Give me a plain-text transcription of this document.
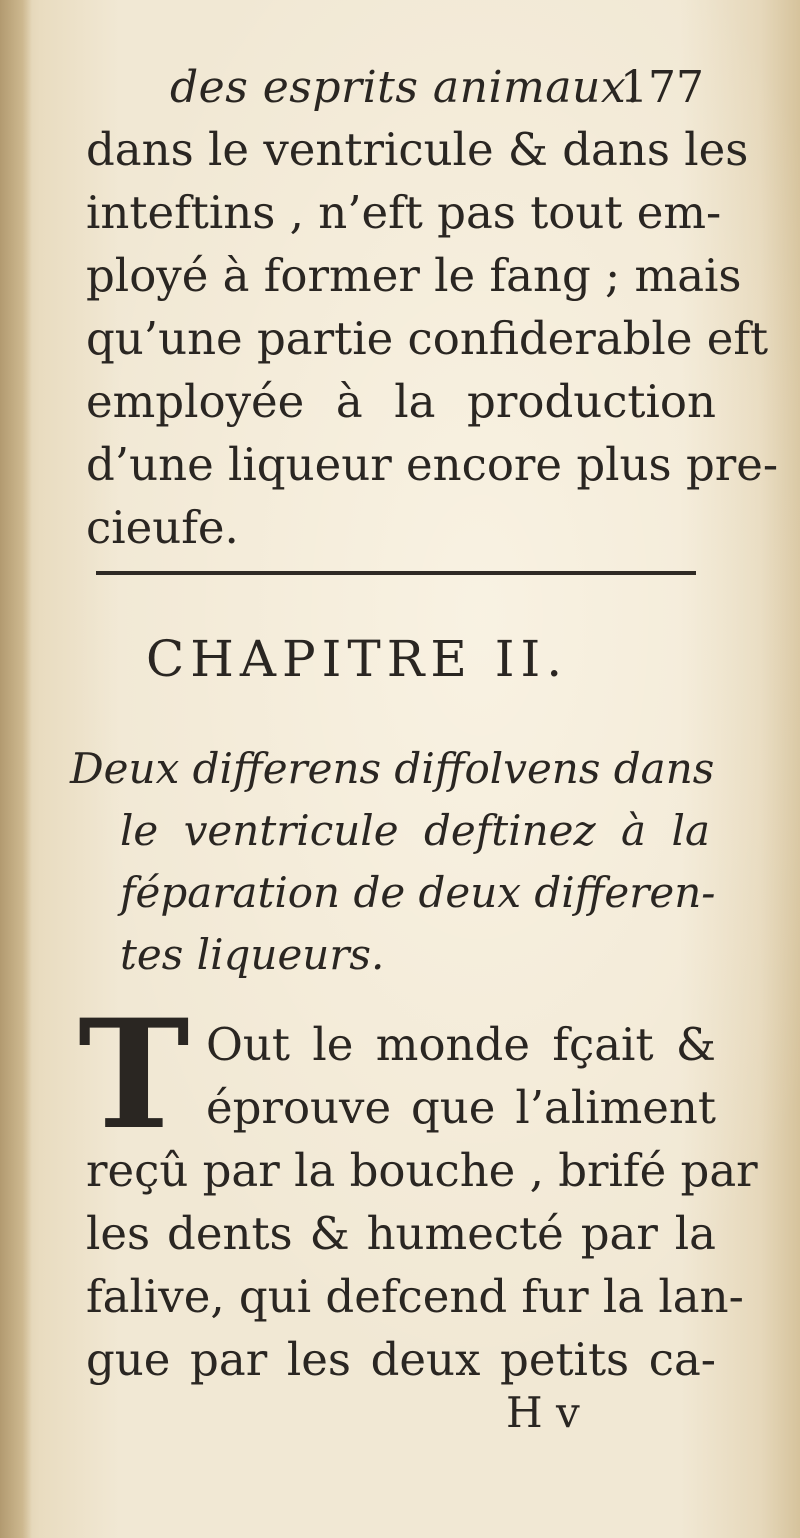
des esprits animaux.
177
dans le ventricule & dans les
inteftins , n’eft pas tout em-
ployé à former le fang ; mais
qu’une partie confiderable eft
employée à la production
d’une liqueur encore plus pre-
cieufe.
CHAPITRE II.
Deux differens diffolvens dans
le ventricule deftinez à la
féparation de deux differen-
tes liqueurs.
T Out le monde fçait &
éprouve que l’aliment
reçû par la bouche , brifé par
les dents & humecté par la
falive, qui defcend fur la lan-
gue par les deux petits ca-
H v
